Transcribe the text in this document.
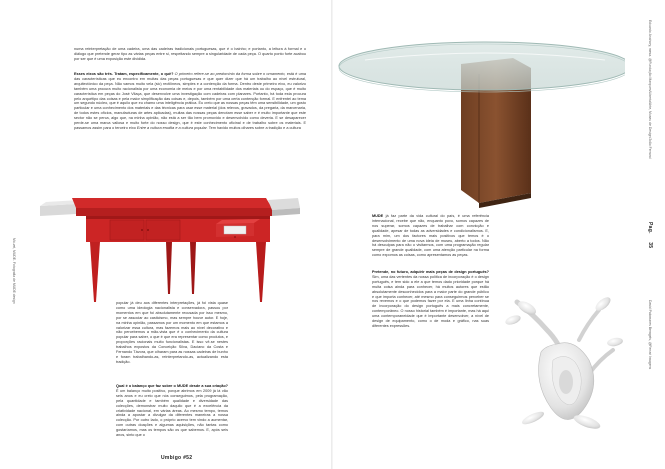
numa reinterpretação de uma cadeira, uma das cadeiras tradicionais portuguesas, que é o bainho; e portanto, a leitura à formal e o diálogo que pretende gerar tipo as várias peças entre si, respeitando sempre a singularidade de cada peça. O quarto ponto forte acabou por ser que é uma exposição este dividida.

Esses eixos são três. Tratam, especificamente, o quê? O primeiro refere-se ao predomínio da forma sobre o ornamento, está é uma das características que eu encontro em muitas das peças portuguesas e que quer dizer que há um trabalho ao nível estrutural, arquitectónico da peça. Não vamos muito vela (sic) rectilíneos, simples e a contenção da forma. Dentro deste primeiro eixo, eu valorizo também uma procura muito racionalista por uma economia de meios e por uma rentabilidade dos materiais ou do espaço, que é muito característica em peças do José Vilaça, que desenvolve uma investigação com cadeiras com planares. Portanto, há toda esta procura pelo arquétipo das coisas e pela maior simplificação das coisas e, depois, também por uma certa contenção formal. E enfrentei ao tema um segundo núcleo, que é aquilo que eu chamo uma inteligência prática. Eu creio que as nossas peças têm uma sensibilidade, um gosto particular e uma conhecimento dos materiais e das técnicas para usar esse material (dos relevos, gravados, da pregaria, da marcenaria, de todos estes ofícios, manufacturas de artes aplicadas), muitas das nossas peças denotam esse saber e é muito importante que este sector não se perca, algo que, na minha opinião, não está a ser tão bem promovido e desenvolvido como deveria. E se desaparecer perde-se uma marca valiosa e muito forte do nosso design, que é este conhecimento oficinal e de trabalho sobre os materiais. E passamos assim para o terceiro eixo Entre a cultura erudita e a cultura popular. Tem havido muitos olhares sobre a tradição e a cultura

Mó-vel, MUDE. Fotografia de MUDE design	popular já deu aos diferentes interpretações, já foi vista quase como uma ideologia nacionalista e conservadora, passou por momentos em que foi absolutamente recusada por isso mesmo, por se associar ao casticismo, mas sempre houve autor. E hoje, na minha opinião, passamos por um momento em que estamos a valorizar essa cultura, mas fazemos mais ao nível decorativo e não percebemos a mão-vista que é o conhecimento da cultura popular para saber, o que é que era representar como produtos, e proporções racionais muito funcionalistas. E isso vê-se nestes trabalhos expostos da Conceição Silva, Daciano da Costa e Fernando Távora, que olharam para as nossas cadeiras de bunho e foram trabalhando-as, reinterpretando-as, actualizando esta tradição.

Qual é o balanço que faz sobre o MUDE desde a sua criação? É um balanço muito positivo, porque abrimos em 2009 já lá vão seis anos e eu creio que nós conseguimos, pela programação, pela quantidade e também qualidade e diversidade das colecções, demonstrar muito daquilo que é a excelência da criatividade nacional, em várias áreas. Ao mesmo tempo, temos ainda a apostar a divulgar da diferentes maneiras a nossa colecção. Por outro lado, o próprio acervo tem vindo a aumentar, com outras doações e algumas aquisições, não tantas como gostaríamos, mas os tempos são os que sabemos. E, após seis anos, sinto que o

Umbigo #52
Eduardo Anahory, mesa. @Fundação Marques/Liberta/Arte, Museu de Design/João Ferrand
Pag. 35

MUDE já faz parte da vida cultural do país, é uma referência internacional, recebe que não, enquanto povo, somos capazes de nos superar, somos capazes de trabalhar com convicção e qualidade, apesar de todas as adversidades e condicionalismos. E, para mim, um dos factores mais positivos que temos é o desenvolvimento de uma nova ideia de museu, aberto a todos. Não há desculpas para não o visitarmos, com uma programação regular sempre de grande qualidade, com uma atenção particular na forma como expomos as coisas, como apresentamos as peças.

Pretende, no futuro, adquirir mais peças de design português? Sim, uma das vertentes da nossa política de incorporação é o design português, e tem sido a ele a que temos dado prioridade porque há muita coisa ainda para conhecer, há muitos autores que estão absolutamente desconhecidos para a maior parte do grande público e que importa conhecer, até mesmo para conseguirmos perceber se nos revemos e o que podemos fazer por ela. E uma linha contínua de incorporação do design português a mais concretamente, contemporâneo. O nosso historial também é importante, mas há aqui uma contemporaneidade que é importante desenvolver, a nível de design de equipamento, como o de moda e gráfico, nas suas diferentes expressões.	David Palomares Bemgels, @Ferrari Imagens
